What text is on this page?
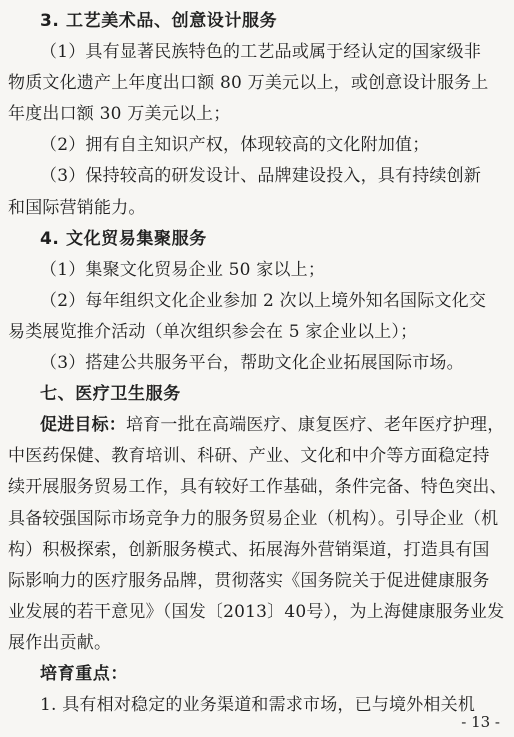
3. 工艺美术品、创意设计服务
（1）具有显著民族特色的工艺品或属于经认定的国家级非
物质文化遗产上年度出口额 80 万美元以上，或创意设计服务上
年度出口额 30 万美元以上；
（2）拥有自主知识产权，体现较高的文化附加值；
（3）保持较高的研发设计、品牌建设投入，具有持续创新
和国际营销能力。
4. 文化贸易集聚服务
（1）集聚文化贸易企业 50 家以上；
（2）每年组织文化企业参加 2 次以上境外知名国际文化交
易类展览推介活动（单次组织参会在 5 家企业以上）；
（3）搭建公共服务平台，帮助文化企业拓展国际市场。
七、医疗卫生服务
促进目标：培育一批在高端医疗、康复医疗、老年医疗护理，
中医药保健、教育培训、科研、产业、文化和中介等方面稳定持
续开展服务贸易工作，具有较好工作基础，条件完备、特色突出、
具备较强国际市场竞争力的服务贸易企业（机构）。引导企业（机
构）积极探索，创新服务模式、拓展海外营销渠道，打造具有国
际影响力的医疗服务品牌，贯彻落实《国务院关于促进健康服务
业发展的若干意见》（国发〔2013〕40号），为上海健康服务业发
展作出贡献。
培育重点：
1. 具有相对稳定的业务渠道和需求市场，已与境外相关机
- 13 -
